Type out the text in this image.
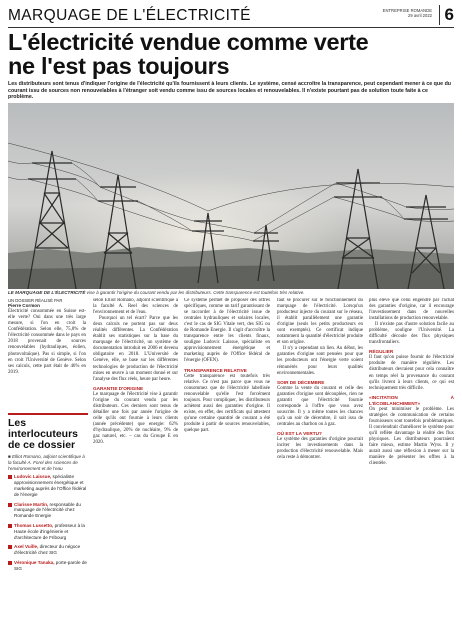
MARQUAGE DE L'ÉLECTRICITÉ	ENTREPRISE ROMANDE
29 avril 2022 6
L'électricité vendue comme verte
ne l'est pas toujours
Les distributeurs sont tenus d'indiquer l'origine de l'électricité qu'ils fournissent à leurs clients. Le système, censé accroître la transparence, peut cependant mener à ce que du courant issu de sources non renouvelables à l'étranger soit vendu comme issu de sources locales et renouvelables. Il n'existe pourtant pas de solution toute faite à ce problème.
LE MARQUAGE DE L'ÉLECTRICITÉ vise à garantir l'origine du courant vendu par les distributeurs. Cette transparence est toutefois très relative.

UN DOSSIER RÉALISÉ PAR

Pierre Cormon

Électricité consommée en Suisse est-elle verte? Oui dans une très large mesure, si l'on en croit la Confédération. Selon elle, 75,8% de l'électricité consommée dans le pays en 2018 provenait de sources renouvelables (hydrauliques, éolien, photovoltaïque). Pas si simple, si l'on en croit l'Université de Genève. Selon ses calculs, cette part était de 46% en 2019.

Les interlocuteurs de ce dossier
■ Elliot Romano, adjoint scientifique à la faculté A. Forel des sciences de l'environnement et de l'eau
Ludovic Laissue, spécialiste approvisionnement énergétique et marketing auprès de l'Office fédéral de l'énergie
Clarisse Martin, responsable du marquage de l'électricité chez Romande Energie
Thomas Lussetto, professeur à la Haute école d'ingénierie et d'architecture de Fribourg
Axel Vuille, directeur du négoce d'électricité chez SIG
Véronique Tanaka, porte-parole de SIG

selon Elliot Romano, adjoint scientifique à la faculté A. Reel des sciences de l'environnement et de l'eau.

Pourquoi un tel écart? Parce que les deux calculs ne portent pas sur deux réalités différentes. La Confédération établit ses statistiques sur la base du marquage de l'électricité, un système de documentation introduit en 2006 et devenu obligatoire en 2018. L'Université de Genève, elle, se base sur les différentes technologies de production de l'électricité mises en œuvre à un moment donné et sur l'analyse des flux réels, heure par heure.

GARANTIE D'ORIGINE

Le marquage de l'électricité vise à garantir l'origine du courant vendu par les distributeurs. Ces derniers sont tenus de détailler une fois par année l'origine de celle qu'ils ont fournie à leurs clients (année précédente) que energie: 62% d'hydraulique, 20% de nucléaire, 9% de gaz naturel, etc. – cas du Groupe E en 2020.

Ce système permet de proposer des offres spécifiques, comme un tarif garantissant de se raccorder à de l'électricité issue de centrales hydrauliques et solaires locales, c'est le cas de SIG Vitale vert, des SIG ou de Romande Energie. Il s'agit d'accroître la transparence entre les clients finaux, souligne Ludovic Laissue, spécialiste en approvisionnement énergétique et marketing auprès de l'Office fédéral de l'énergie (OFEN).

TRANSPARENCE RELATIVE

Cette transparence est toutefois très relative. Ce n'est pas parce que vous ne consommez que de l'électricité labellisée renouvelable qu'elle l'est forcément toujours. Pour compliquer, les distributeurs achètent aussi des garanties d'origine. Il existe, en effet, des certificats qui attestent qu'une certaine quantité de courant a été produite à partir de sources renouvelables, quelque part.

faut se procurer sur le fonctionnement du marquage de l'électricité. Lorsqu'un producteur injecte du courant sur le réseau, il établit parallèlement une garantie d'origine (seuls les petits producteurs en sont exemptés). Ce certificat indique notamment la quantité d'électricité produite et son origine.

Il n'y a cependant un lien. Au début, les garanties d'origine sont pensées pour que les producteurs ont l'énergie verte soient rémunérés pour leurs qualités environnementales.

SOIR DE DÉCEMBRE

Comme la vente du courant et celle des garanties d'origine sont découplées, rien ne garantit que l'électricité fournie corresponde à l'offre que vous avez souscrite. Il y a même toutes les chances qu'à un soir de décembre, il soit issu de centrales au charbon ou à gaz.

OÙ EST LA VERTU?

Le système des garanties d'origine pourrait inciter les investissements dans la production d'électricité renouvelable. Mais cela reste à démontrer.

plus élevé que celui engendré par l'achat des garanties d'origine, car il encourage l'investissement dans de nouvelles installations de production renouvelable.

Il n'existe pas d'autre solution facile au problème, souligne l'Université. La difficulté découle des flux physiques transfrontaliers.

RÉGULIER

Il faut qu'on puisse fournir de l'électricité produite de manière régulière. Les distributeurs devraient pour cela connaître en temps réel la provenance du courant qu'ils livrent à leurs clients, ce qui est techniquement très difficile.

«INCITATION À L'ÉCOBLANCHIMENT»

On peut minimiser le problème. Les stratégies de communication de certains fournisseurs sont toutefois problématiques. Il conviendrait d'améliorer le système pour qu'il reflète davantage la réalité des flux physiques. Les distributeurs pourraient faire mieux, estime Martin Wyss. Il y aurait aussi une réflexion à mener sur la manière de présenter les offres à la clientèle.
